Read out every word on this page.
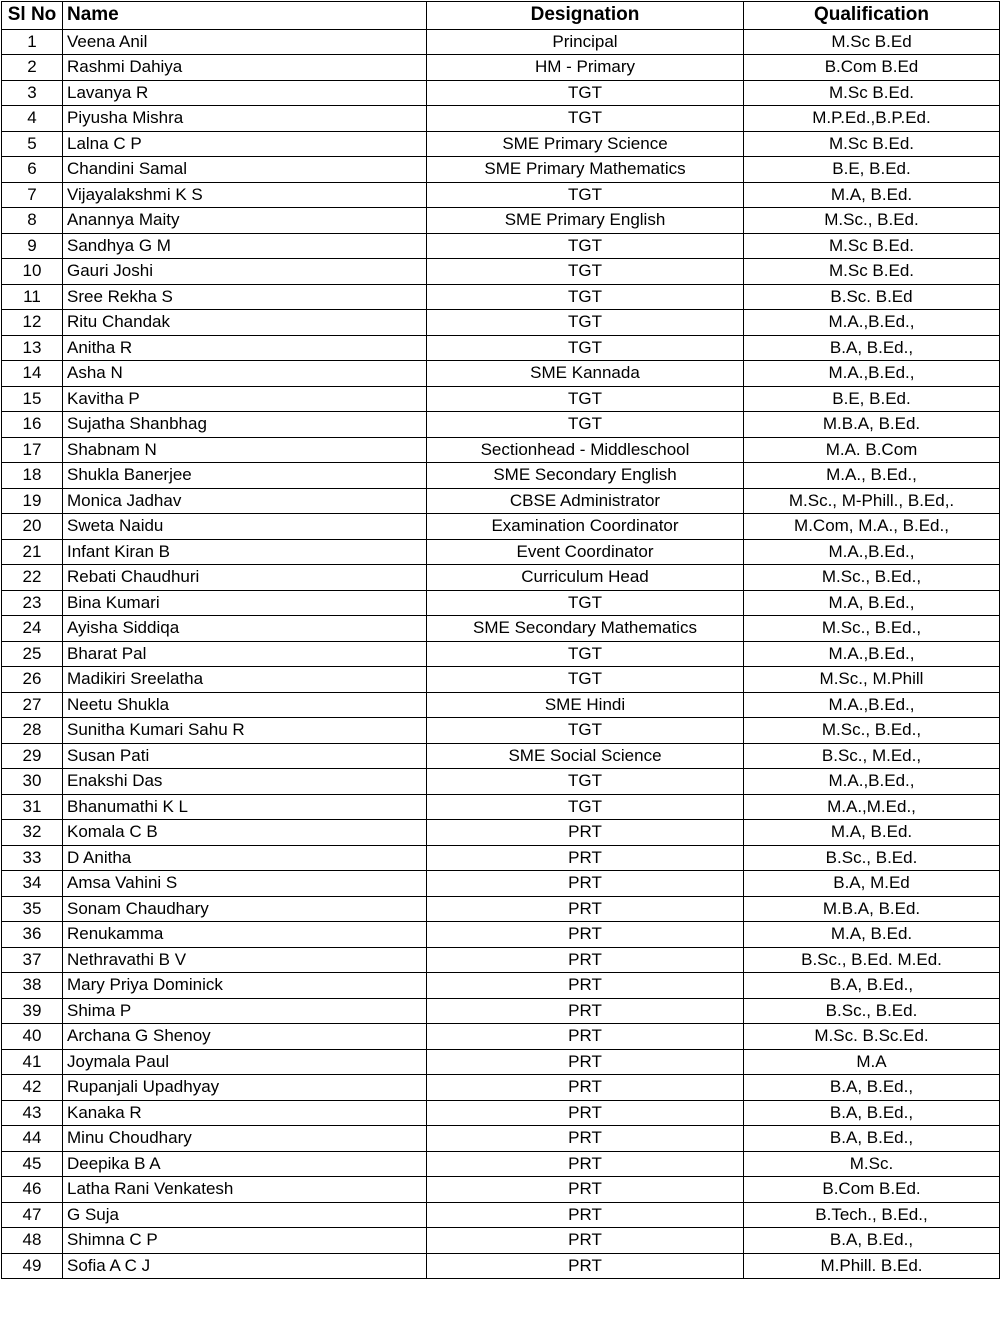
Sl No	Name	Designation	Qualification
1	Veena Anil	Principal	M.Sc B.Ed
2	Rashmi Dahiya	HM - Primary	B.Com B.Ed
3	Lavanya R	TGT	M.Sc B.Ed.
4	Piyusha Mishra	TGT	M.P.Ed.,B.P.Ed.
5	Lalna C P	SME Primary Science	M.Sc B.Ed.
6	Chandini Samal	SME Primary Mathematics	B.E, B.Ed.
7	Vijayalakshmi K S	TGT	M.A, B.Ed.
8	Anannya Maity	SME Primary English	M.Sc., B.Ed.
9	Sandhya G M	TGT	M.Sc B.Ed.
10	Gauri Joshi	TGT	M.Sc B.Ed.
11	Sree Rekha S	TGT	B.Sc. B.Ed
12	Ritu Chandak	TGT	M.A.,B.Ed.,
13	Anitha R	TGT	B.A, B.Ed.,
14	Asha N	SME Kannada	M.A.,B.Ed.,
15	Kavitha P	TGT	B.E, B.Ed.
16	Sujatha Shanbhag	TGT	M.B.A, B.Ed.
17	Shabnam N	Sectionhead - Middleschool	M.A. B.Com
18	Shukla Banerjee	SME Secondary English	M.A., B.Ed.,
19	Monica Jadhav	CBSE Administrator	M.Sc., M-Phill., B.Ed,.
20	Sweta Naidu	Examination Coordinator	M.Com, M.A., B.Ed.,
21	Infant Kiran B	Event Coordinator	M.A.,B.Ed.,
22	Rebati Chaudhuri	Curriculum Head	M.Sc., B.Ed.,
23	Bina Kumari	TGT	M.A, B.Ed.,
24	Ayisha Siddiqa	SME Secondary Mathematics	M.Sc., B.Ed.,
25	Bharat Pal	TGT	M.A.,B.Ed.,
26	Madikiri Sreelatha	TGT	M.Sc., M.Phill
27	Neetu Shukla	SME Hindi	M.A.,B.Ed.,
28	Sunitha Kumari Sahu R	TGT	M.Sc., B.Ed.,
29	Susan Pati	SME Social Science	B.Sc., M.Ed.,
30	Enakshi Das	TGT	M.A.,B.Ed.,
31	Bhanumathi K L	TGT	M.A.,M.Ed.,
32	Komala C B	PRT	M.A, B.Ed.
33	D Anitha	PRT	B.Sc., B.Ed.
34	Amsa Vahini S	PRT	B.A, M.Ed
35	Sonam Chaudhary	PRT	M.B.A, B.Ed.
36	Renukamma	PRT	M.A, B.Ed.
37	Nethravathi B V	PRT	B.Sc., B.Ed. M.Ed.
38	Mary Priya Dominick	PRT	B.A, B.Ed.,
39	Shima P	PRT	B.Sc., B.Ed.
40	Archana G Shenoy	PRT	M.Sc. B.Sc.Ed.
41	Joymala Paul	PRT	M.A
42	Rupanjali Upadhyay	PRT	B.A, B.Ed.,
43	Kanaka R	PRT	B.A, B.Ed.,
44	Minu Choudhary	PRT	B.A, B.Ed.,
45	Deepika B A	PRT	M.Sc.
46	Latha Rani Venkatesh	PRT	B.Com B.Ed.
47	G Suja	PRT	B.Tech., B.Ed.,
48	Shimna C P	PRT	B.A, B.Ed.,
49	Sofia A C J	PRT	M.Phill. B.Ed.
